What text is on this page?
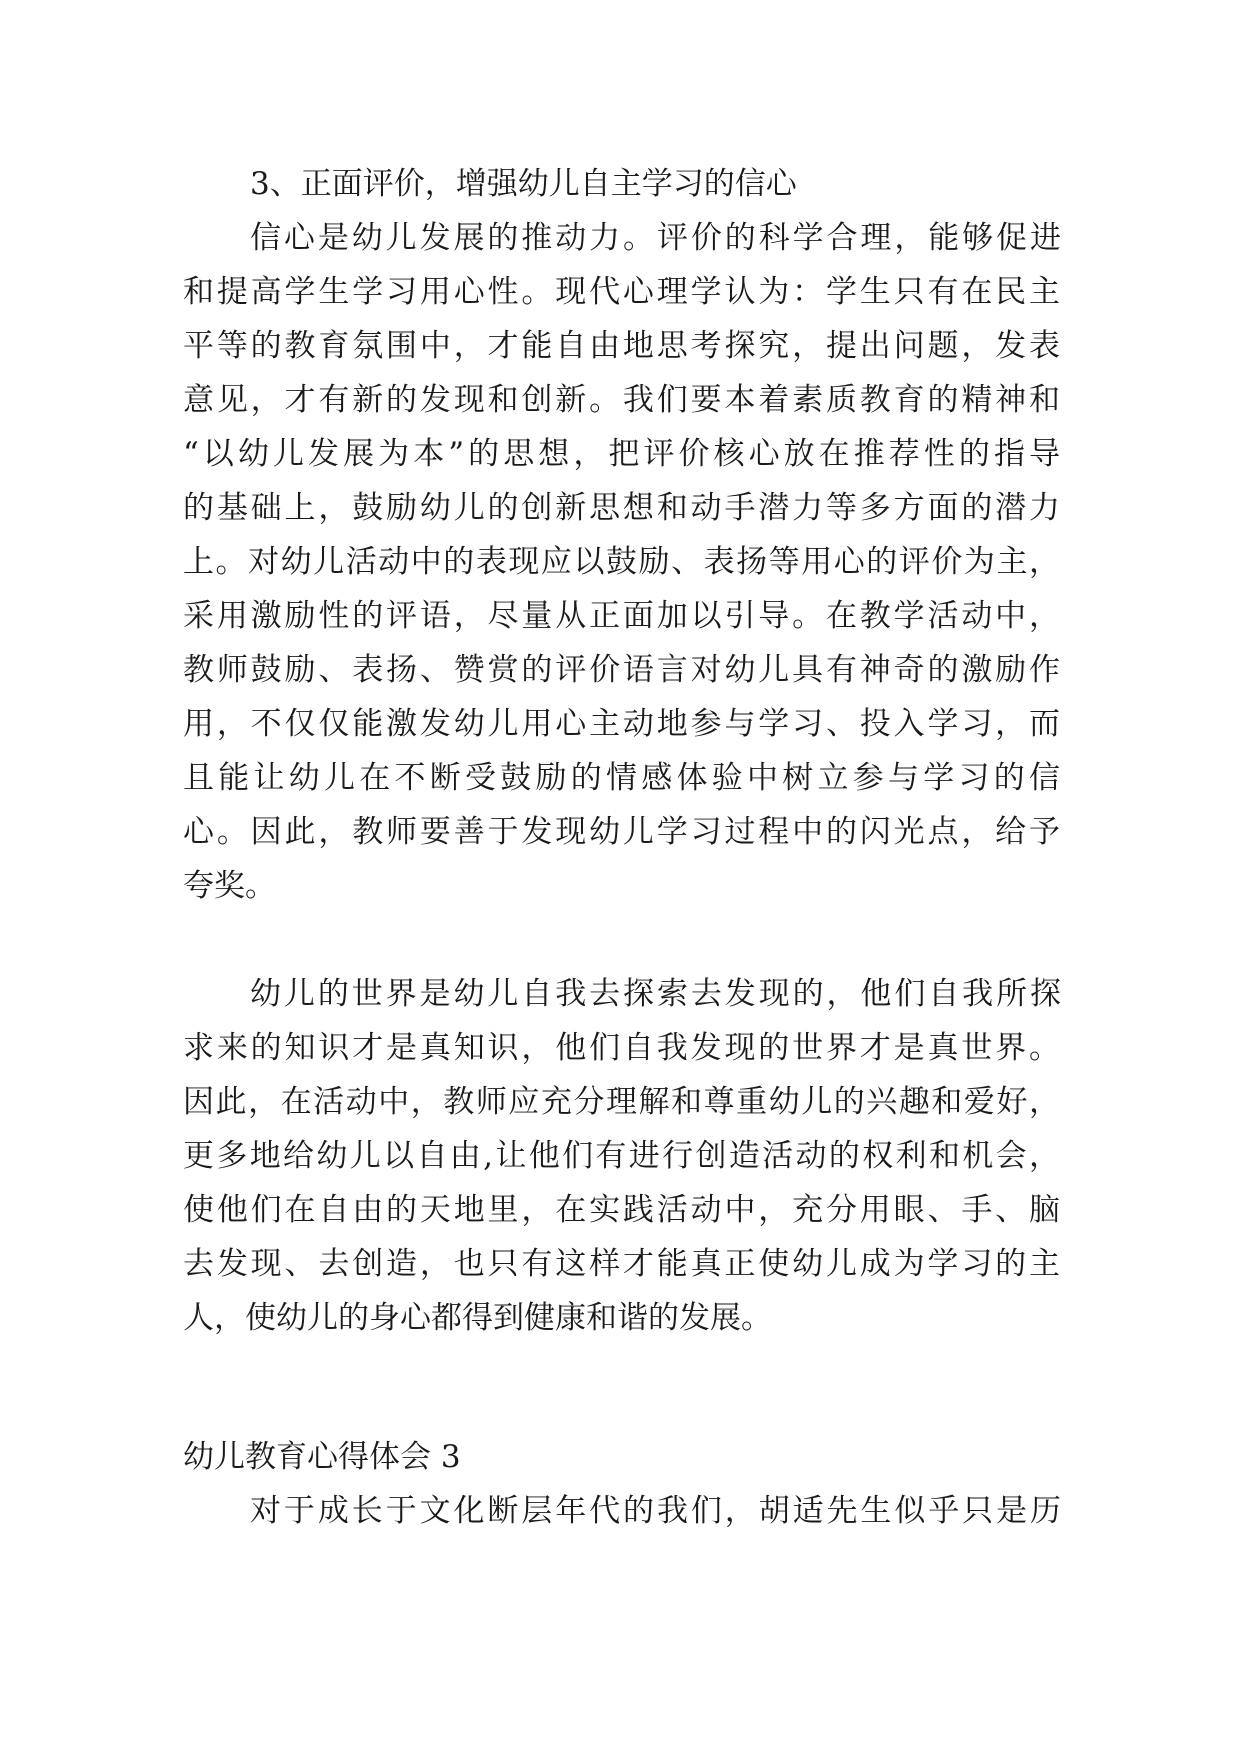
3、正面评价，增强幼儿自主学习的信心
信心是幼儿发展的推动力。评价的科学合理，能够促进
和提高学生学习用心性。现代心理学认为：学生只有在民主
平等的教育氛围中，才能自由地思考探究，提出问题，发表
意见，才有新的发现和创新。我们要本着素质教育的精神和
“以幼儿发展为本”的思想，把评价核心放在推荐性的指导
的基础上，鼓励幼儿的创新思想和动手潜力等多方面的潜力
上。对幼儿活动中的表现应以鼓励、表扬等用心的评价为主，
采用激励性的评语，尽量从正面加以引导。在教学活动中，
教师鼓励、表扬、赞赏的评价语言对幼儿具有神奇的激励作
用，不仅仅能激发幼儿用心主动地参与学习、投入学习，而
且能让幼儿在不断受鼓励的情感体验中树立参与学习的信
心。因此，教师要善于发现幼儿学习过程中的闪光点，给予
夸奖。
幼儿的世界是幼儿自我去探索去发现的，他们自我所探
求来的知识才是真知识，他们自我发现的世界才是真世界。
因此，在活动中，教师应充分理解和尊重幼儿的兴趣和爱好，
更多地给幼儿以自由,让他们有进行创造活动的权利和机会，
使他们在自由的天地里，在实践活动中，充分用眼、手、脑
去发现、去创造，也只有这样才能真正使幼儿成为学习的主
人，使幼儿的身心都得到健康和谐的发展。
幼儿教育心得体会 3
对于成长于文化断层年代的我们，胡适先生似乎只是历
